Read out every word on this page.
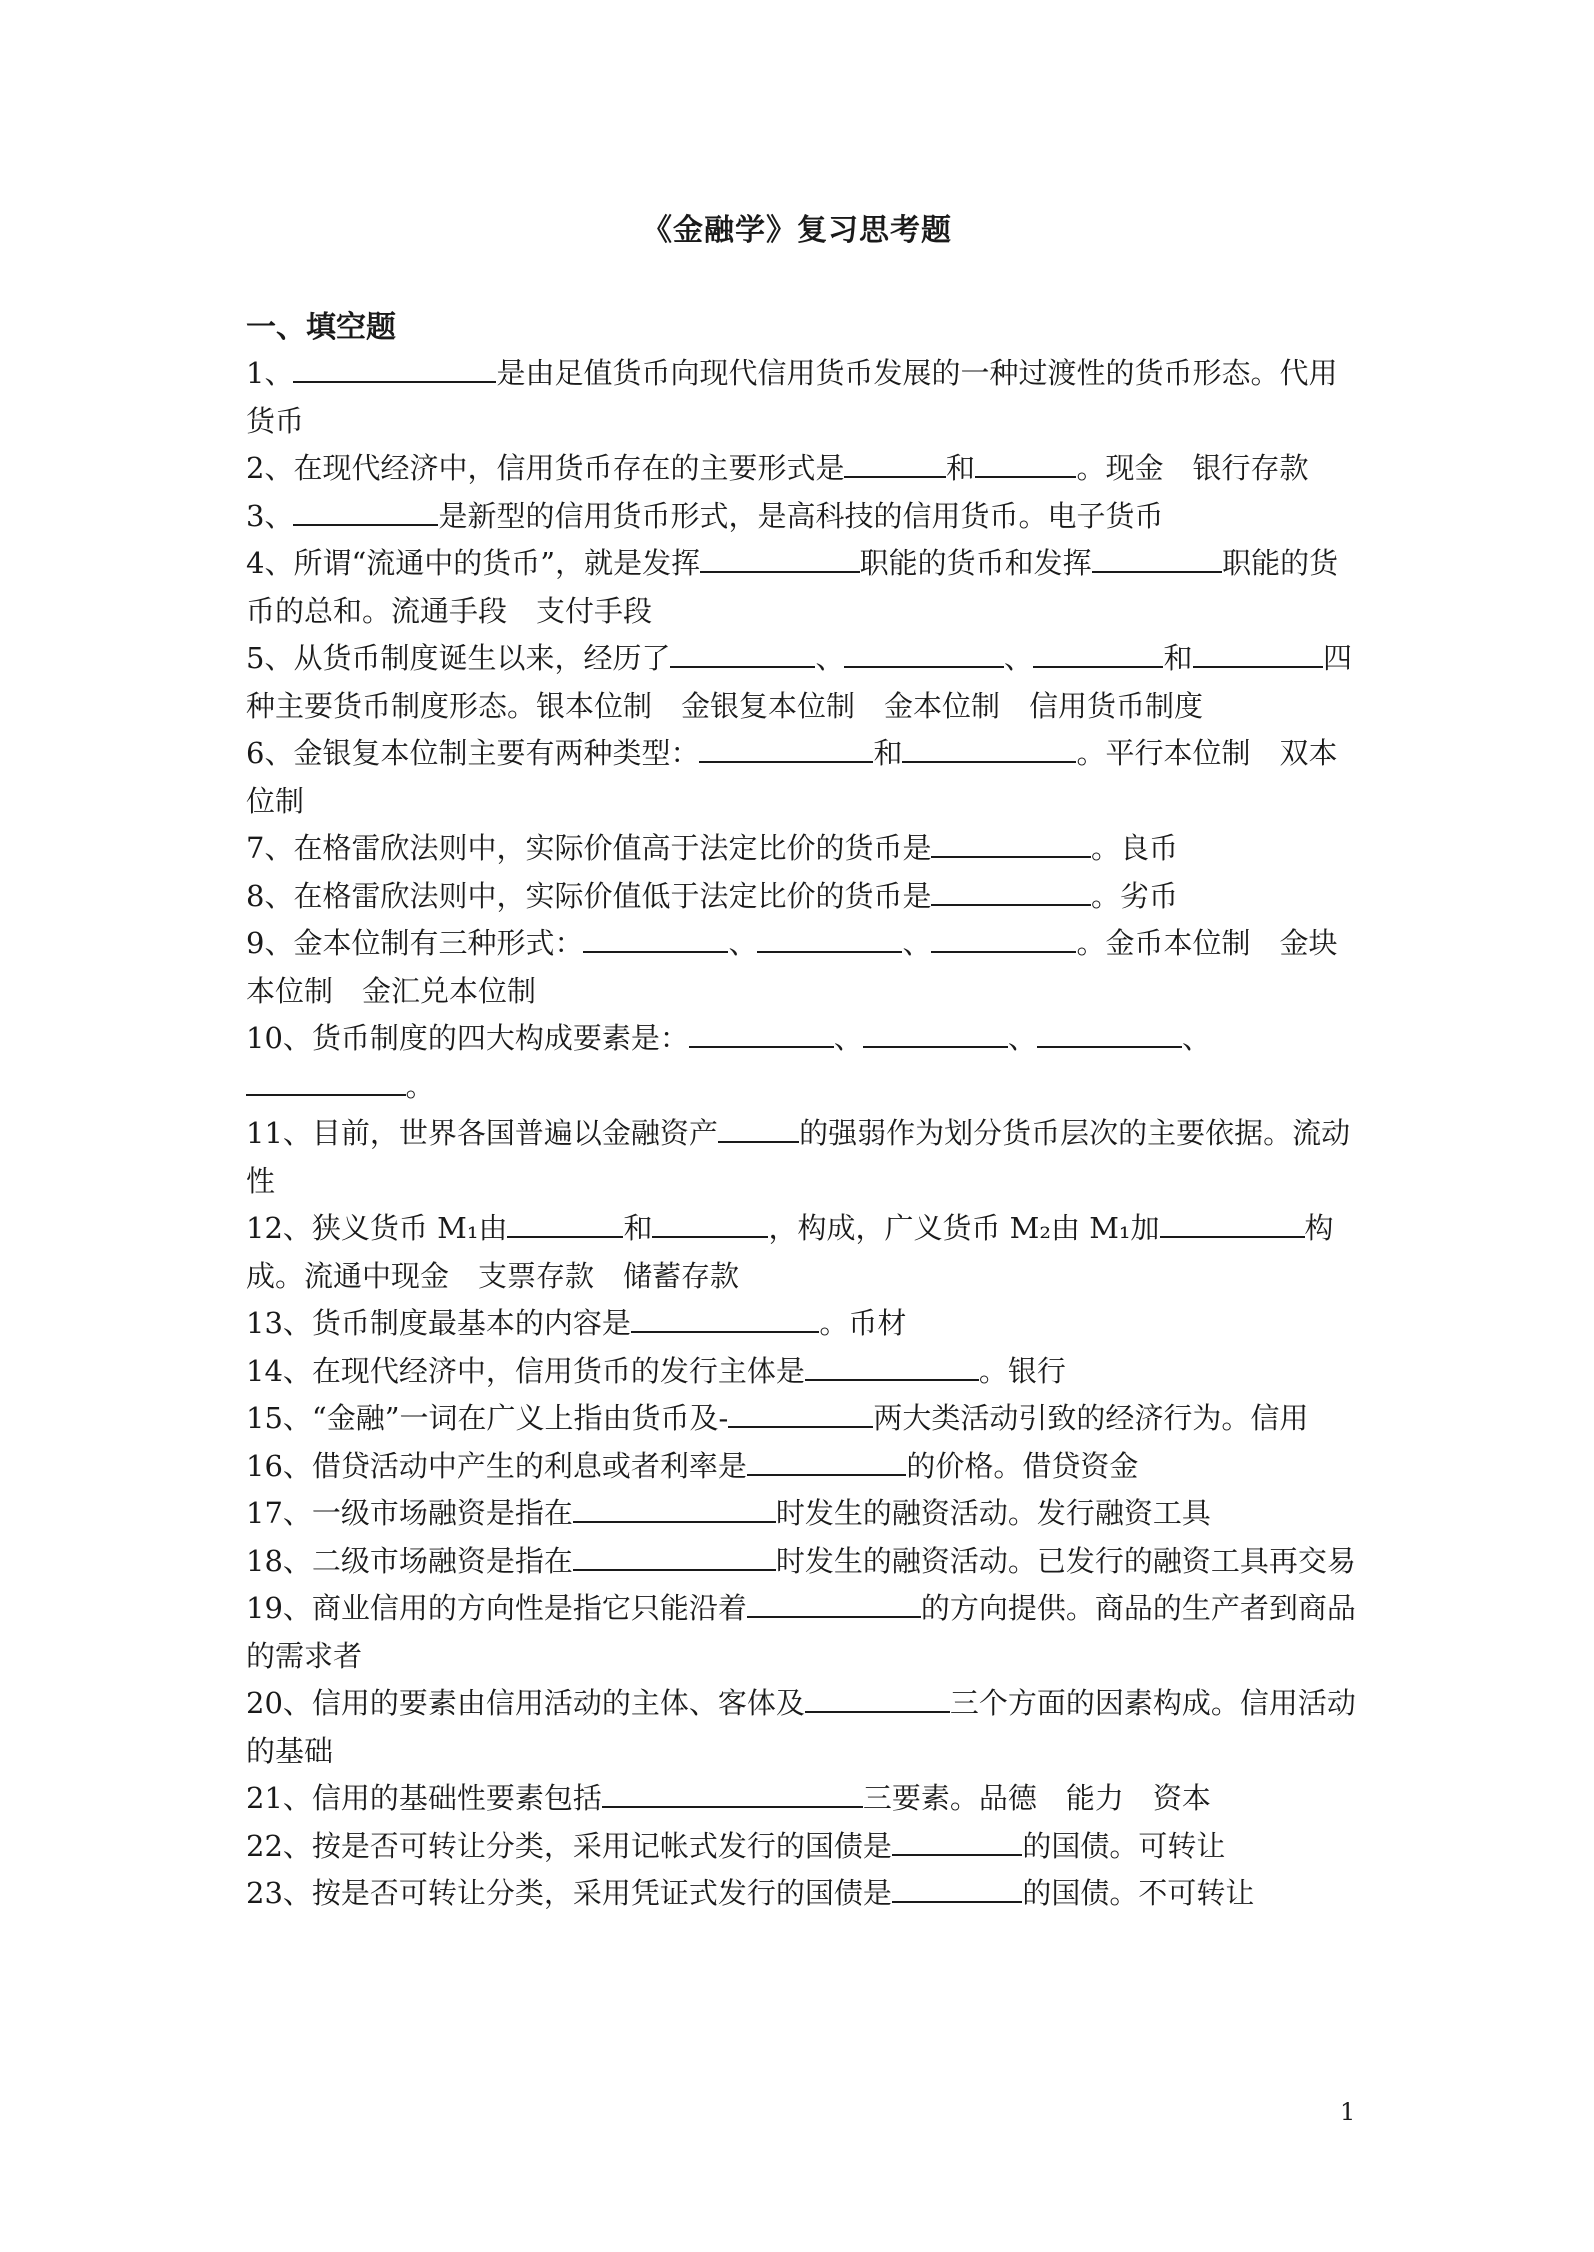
《金融学》复习思考题
一、填空题

1、	是由足值货币向现代信用货币发展的一种过渡性的货币形态。代用货币

2、在现代经济中，信用货币存在的主要形式是	和	。现金　银行存款

3、	是新型的信用货币形式，是高科技的信用货币。电子货币

4、所谓“流通中的货币”，就是发挥	职能的货币和发挥	职能的货币的总和。流通手段　支付手段

5、从货币制度诞生以来，经历了	、	、	和	四种主要货币制度形态。银本位制　金银复本位制　金本位制　信用货币制度

6、金银复本位制主要有两种类型：	和	。平行本位制　双本位制

7、在格雷欣法则中，实际价值高于法定比价的货币是	。良币

8、在格雷欣法则中，实际价值低于法定比价的货币是	。劣币

9、金本位制有三种形式：	、	、	。金币本位制　金块本位制　金汇兑本位制

10、货币制度的四大构成要素是：	、	、	、。

11、目前，世界各国普遍以金融资产	的强弱作为划分货币层次的主要依据。流动性

12、狭义货币 M₁由	和	，构成，广义货币 M₂由 M₁加	构成。流通中现金　支票存款　储蓄存款

13、货币制度最基本的内容是	。币材

14、在现代经济中，信用货币的发行主体是	。银行

15、“金融”一词在广义上指由货币及-	两大类活动引致的经济行为。信用

16、借贷活动中产生的利息或者利率是	的价格。借贷资金

17、一级市场融资是指在	时发生的融资活动。发行融资工具

18、二级市场融资是指在	时发生的融资活动。已发行的融资工具再交易

19、商业信用的方向性是指它只能沿着	的方向提供。商品的生产者到商品的需求者

20、信用的要素由信用活动的主体、客体及	三个方面的因素构成。信用活动的基础

21、信用的基础性要素包括	三要素。品德　能力　资本

22、按是否可转让分类，采用记帐式发行的国债是	的国债。可转让

23、按是否可转让分类，采用凭证式发行的国债是	的国债。不可转让

1
